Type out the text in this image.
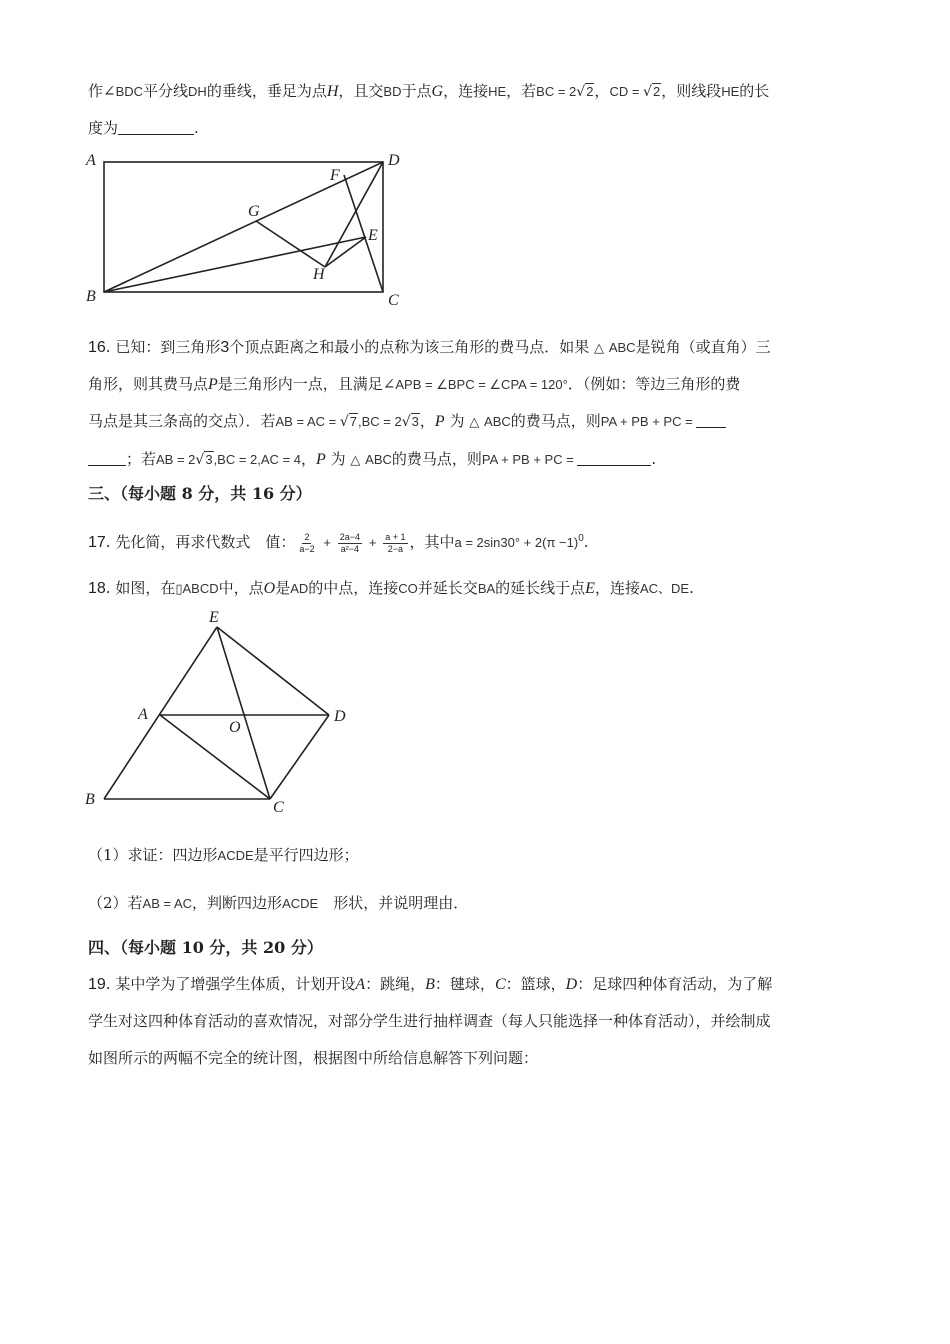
作∠BDC平分线DH的垂线，垂足为点H，且交BD于点G，连接HE，若BC = 2√2，CD = √2，则线段HE的长
度为	.
A	D
B	C
F
G
E
H
16. 已知：到三角形3个顶点距离之和最小的点称为该三角形的费马点．如果 △ ABC是锐角（或直角）三
角形，则其费马点P是三角形内一点，且满足∠APB = ∠BPC = ∠CPA = 120°．（例如：等边三角形的费
马点是其三条高的交点）．若AB = AC = √7,BC = 2√3，P 为 △ ABC的费马点，则PA + PB + PC =
；若AB = 2√3,BC = 2,AC = 4，P 为 △ ABC的费马点，则PA + PB + PC =	.
三、（每小题 8 分，共 16 分）
17. 先化简，再求代数式　值： $\frac{2}{a-2} + \frac{2a-4}{\text{a²−4}} + \frac{a + 1}{2-a}$ ，其中$a = 2\sin 30^\circ + 2(\pi -1)^0$.
18. 如图，在▯ABCD中，点O是AD的中点，连接CO并延长交BA的延长线于点E，连接AC、DE.
E
A
O
D
B	C
（1）求证：四边形ACDE是平行四边形；
（2）若AB = AC，判断四边形ACDE　形状，并说明理由．
四、（每小题 10 分，共 20 分）
19. 某中学为了增强学生体质，计划开设A：跳绳，B：毽球，C：篮球，D：足球四种体育活动，为了解
学生对这四种体育活动的喜欢情况，对部分学生进行抽样调查（每人只能选择一种体育活动），并绘制成
如图所示的两幅不完全的统计图，根据图中所给信息解答下列问题：
